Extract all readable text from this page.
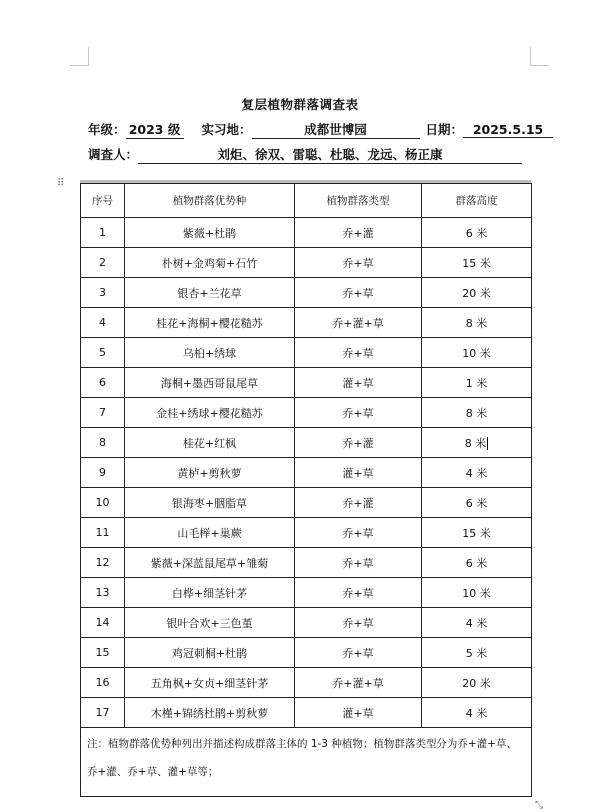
复层植物群落调查表
年级： 2023 级 实习地：	成都世博园	日期： 2025.5.15
调查人：	刘炬、徐双、雷聪、杜聪、龙远、杨正康
⠿
序号	植物群落优势种	植物群落类型	群落高度
1	紫薇+杜鹃	乔+灌	6 米
2	朴树+金鸡菊+石竹	乔+草	15 米
3	银杏+兰花草	乔+草	20 米
4	桂花+海桐+樱花糙苏	乔+灌+草	8 米
5	乌桕+绣球	乔+草	10 米
6	海桐+墨西哥鼠尾草	灌+草	1 米
7	金桂+绣球+樱花糙苏	乔+草	8 米
8	桂花+红枫	乔+灌	8 米
9	黄栌+剪秋萝	灌+草	4 米
10	银海枣+胭脂草	乔+灌	6 米
11	山毛榉+巢蕨	乔+草	15 米
12	紫薇+深蓝鼠尾草+雏菊	乔+草	6 米
13	白桦+细茎针茅	乔+草	10 米
14	银叶合欢+三色堇	乔+草	4 米
15	鸡冠刺桐+杜鹃	乔+草	5 米
16	五角枫+女贞+细茎针茅	乔+灌+草	20 米
17	木槿+锦绣杜鹃+剪秋萝	灌+草	4 米
注：植物群落优势种列出并描述构成群落主体的 1-3 种植物；植物群落类型分为乔+灌+草、乔+灌、乔+草、灌+草等；			
⤡
